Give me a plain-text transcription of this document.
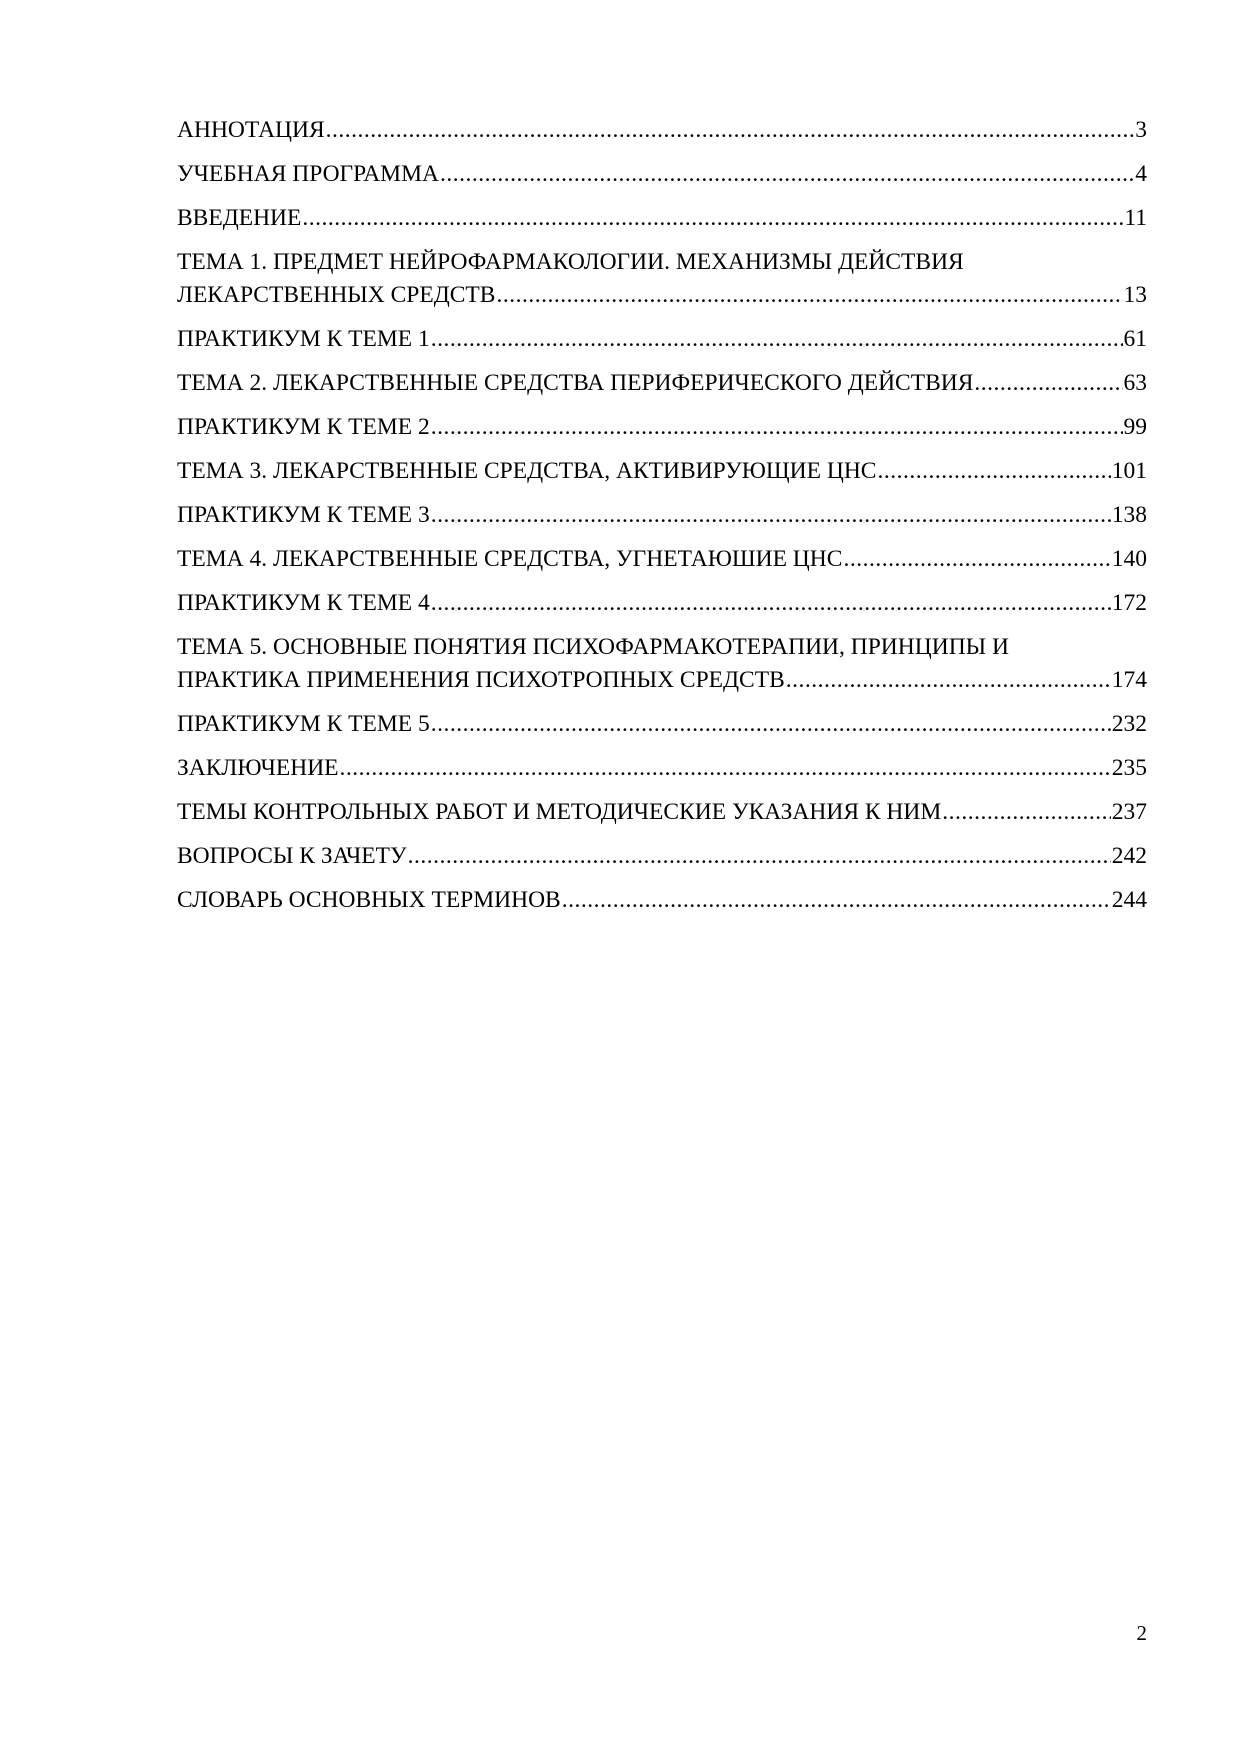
АННОТАЦИЯ .....	3
УЧЕБНАЯ ПРОГРАММА .....	4
ВВЕДЕНИЕ .....	11
ТЕМА 1. ПРЕДМЕТ НЕЙРОФАРМАКОЛОГИИ. МЕХАНИЗМЫ ДЕЙСТВИЯ
ЛЕКАРСТВЕННЫХ СРЕДСТВ .....	13
ПРАКТИКУМ К ТЕМЕ 1 .....	61
ТЕМА 2. ЛЕКАРСТВЕННЫЕ СРЕДСТВА ПЕРИФЕРИЧЕСКОГО ДЕЙСТВИЯ .....	63
ПРАКТИКУМ К ТЕМЕ 2 .....	99
ТЕМА 3. ЛЕКАРСТВЕННЫЕ СРЕДСТВА, АКТИВИРУЮЩИЕ ЦНС .....	101
ПРАКТИКУМ К ТЕМЕ 3 .....	138
ТЕМА 4. ЛЕКАРСТВЕННЫЕ СРЕДСТВА, УГНЕТАЮШИЕ ЦНС .....	140
ПРАКТИКУМ К ТЕМЕ 4 .....	172
ТЕМА 5. ОСНОВНЫЕ ПОНЯТИЯ ПСИХОФАРМАКОТЕРАПИИ, ПРИНЦИПЫ И
ПРАКТИКА ПРИМЕНЕНИЯ ПСИХОТРОПНЫХ СРЕДСТВ .....	174
ПРАКТИКУМ К ТЕМЕ 5 .....	232
ЗАКЛЮЧЕНИЕ .....	235
ТЕМЫ КОНТРОЛЬНЫХ РАБОТ И МЕТОДИЧЕСКИЕ УКАЗАНИЯ К НИМ .....	237
ВОПРОСЫ К ЗАЧЕТУ .....	242
СЛОВАРЬ ОСНОВНЫХ ТЕРМИНОВ .....	244
2
